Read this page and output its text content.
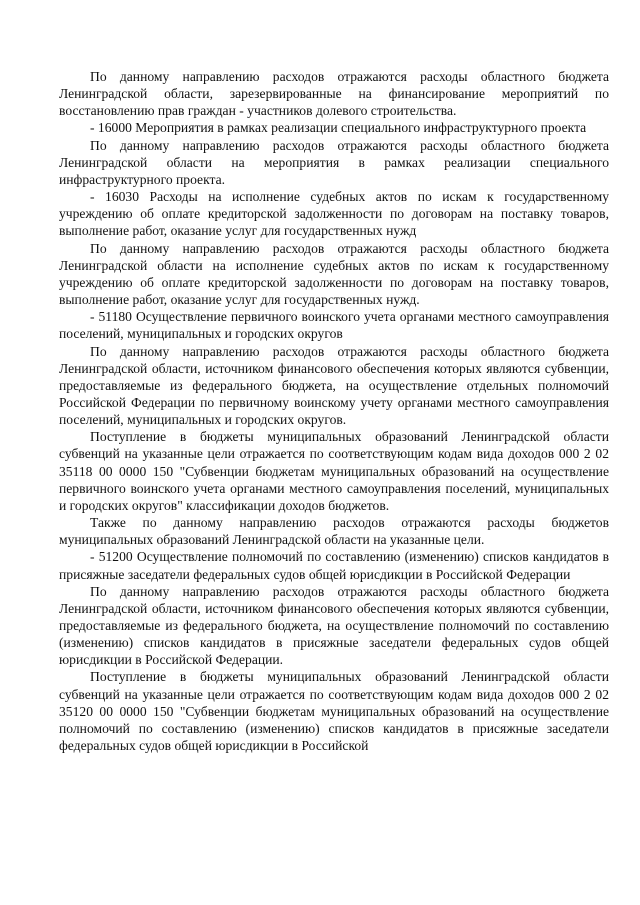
По данному направлению расходов отражаются расходы областного бюджета Ленинградской области, зарезервированные на финансирование мероприятий по восстановлению прав граждан - участников долевого строительства.

- 16000 Мероприятия в рамках реализации специального инфраструктурного проекта

По данному направлению расходов отражаются расходы областного бюджета Ленинградской области на мероприятия в рамках реализации специального инфраструктурного проекта.

- 16030 Расходы на исполнение судебных актов по искам к государственному учреждению об оплате кредиторской задолженности по договорам на поставку товаров, выполнение работ, оказание услуг для государственных нужд

По данному направлению расходов отражаются расходы областного бюджета Ленинградской области на исполнение судебных актов по искам к государственному учреждению об оплате кредиторской задолженности по договорам на поставку товаров, выполнение работ, оказание услуг для государственных нужд.

- 51180 Осуществление первичного воинского учета органами местного самоуправления поселений, муниципальных и городских округов

По данному направлению расходов отражаются расходы областного бюджета Ленинградской области, источником финансового обеспечения которых являются субвенции, предоставляемые из федерального бюджета, на осуществление отдельных полномочий Российской Федерации по первичному воинскому учету органами местного самоуправления поселений, муниципальных и городских округов.

Поступление в бюджеты муниципальных образований Ленинградской области субвенций на указанные цели отражается по соответствующим кодам вида доходов 000 2 02 35118 00 0000 150 "Субвенции бюджетам муниципальных образований на осуществление первичного воинского учета органами местного самоуправления поселений, муниципальных и городских округов" классификации доходов бюджетов.

Также по данному направлению расходов отражаются расходы бюджетов муниципальных образований Ленинградской области на указанные цели.

- 51200 Осуществление полномочий по составлению (изменению) списков кандидатов в присяжные заседатели федеральных судов общей юрисдикции в Российской Федерации

По данному направлению расходов отражаются расходы областного бюджета Ленинградской области, источником финансового обеспечения которых являются субвенции, предоставляемые из федерального бюджета, на осуществление полномочий по составлению (изменению) списков кандидатов в присяжные заседатели федеральных судов общей юрисдикции в Российской Федерации.

Поступление в бюджеты муниципальных образований Ленинградской области субвенций на указанные цели отражается по соответствующим кодам вида доходов 000 2 02 35120 00 0000 150 "Субвенции бюджетам муниципальных образований на осуществление полномочий по составлению (изменению) списков кандидатов в присяжные заседатели федеральных судов общей юрисдикции в Российской
